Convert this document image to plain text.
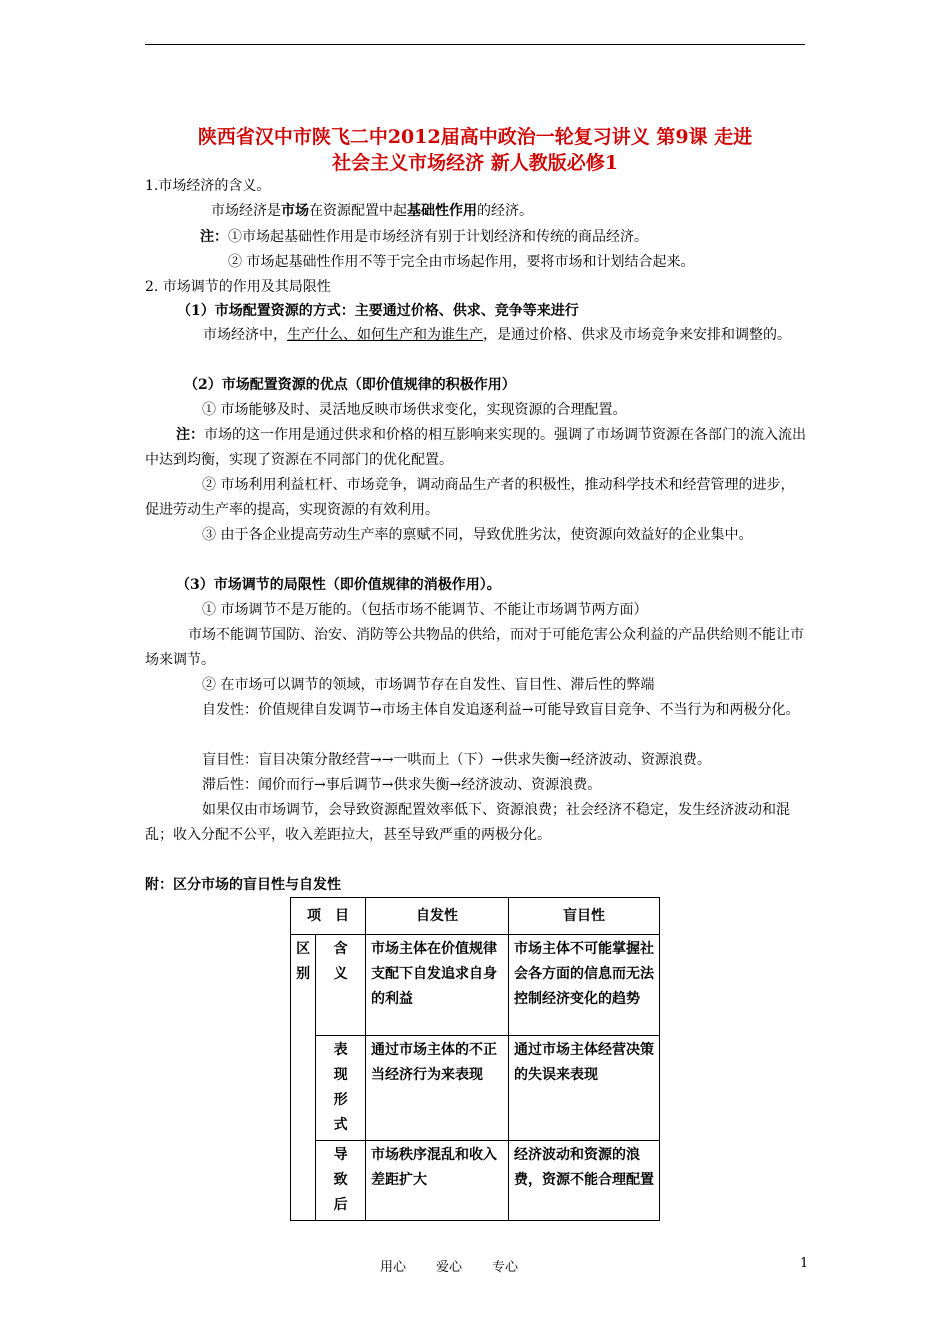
陕西省汉中市陕飞二中2012届高中政治一轮复习讲义 第9课 走进
社会主义市场经济 新人教版必修1
1.市场经济的含义。
市场经济是市场在资源配置中起基础性作用的经济。
注：①市场起基础性作用是市场经济有别于计划经济和传统的商品经济。
② 市场起基础性作用不等于完全由市场起作用，要将市场和计划结合起来。
2. 市场调节的作用及其局限性
（1）市场配置资源的方式：主要通过价格、供求、竞争等来进行
市场经济中，生产什么、如何生产和为谁生产，是通过价格、供求及市场竞争来安排和调整的。
（2）市场配置资源的优点（即价值规律的积极作用）
① 市场能够及时、灵活地反映市场供求变化，实现资源的合理配置。
注：市场的这一作用是通过供求和价格的相互影响来实现的。强调了市场调节资源在各部门的流入流出中达到均衡，实现了资源在不同部门的优化配置。
② 市场利用利益杠杆、市场竞争，调动商品生产者的积极性，推动科学技术和经营管理的进步，促进劳动生产率的提高，实现资源的有效利用。
③ 由于各企业提高劳动生产率的禀赋不同，导致优胜劣汰，使资源向效益好的企业集中。
（3）市场调节的局限性（即价值规律的消极作用）。
① 市场调节不是万能的。（包括市场不能调节、不能让市场调节两方面）
市场不能调节国防、治安、消防等公共物品的供给，而对于可能危害公众利益的产品供给则不能让市场来调节。
② 在市场可以调节的领域，市场调节存在自发性、盲目性、滞后性的弊端
自发性：价值规律自发调节→市场主体自发追逐利益→可能导致盲目竞争、不当行为和两极分化。
盲目性：盲目决策分散经营→→一哄而上（下）→供求失衡→经济波动、资源浪费。
滞后性：闻价而行→事后调节→供求失衡→经济波动、资源浪费。
如果仅由市场调节，会导致资源配置效率低下、资源浪费；社会经济不稳定，发生经济波动和混乱；收入分配不公平，收入差距拉大，甚至导致严重的两极分化。
附：区分市场的盲目性与自发性
项　目		自发性	盲目性

区别	含义	市场主体在价值规律支配下自发追求自身的利益	市场主体不可能掌握社会各方面的信息而无法控制经济变化的趋势

	表现形式	通过市场主体的不正当经济行为来表现	通过市场主体经营决策的失误来表现

	导致后	市场秩序混乱和收入差距扩大	经济波动和资源的浪费，资源不能合理配置
用心 爱心 专心	1
